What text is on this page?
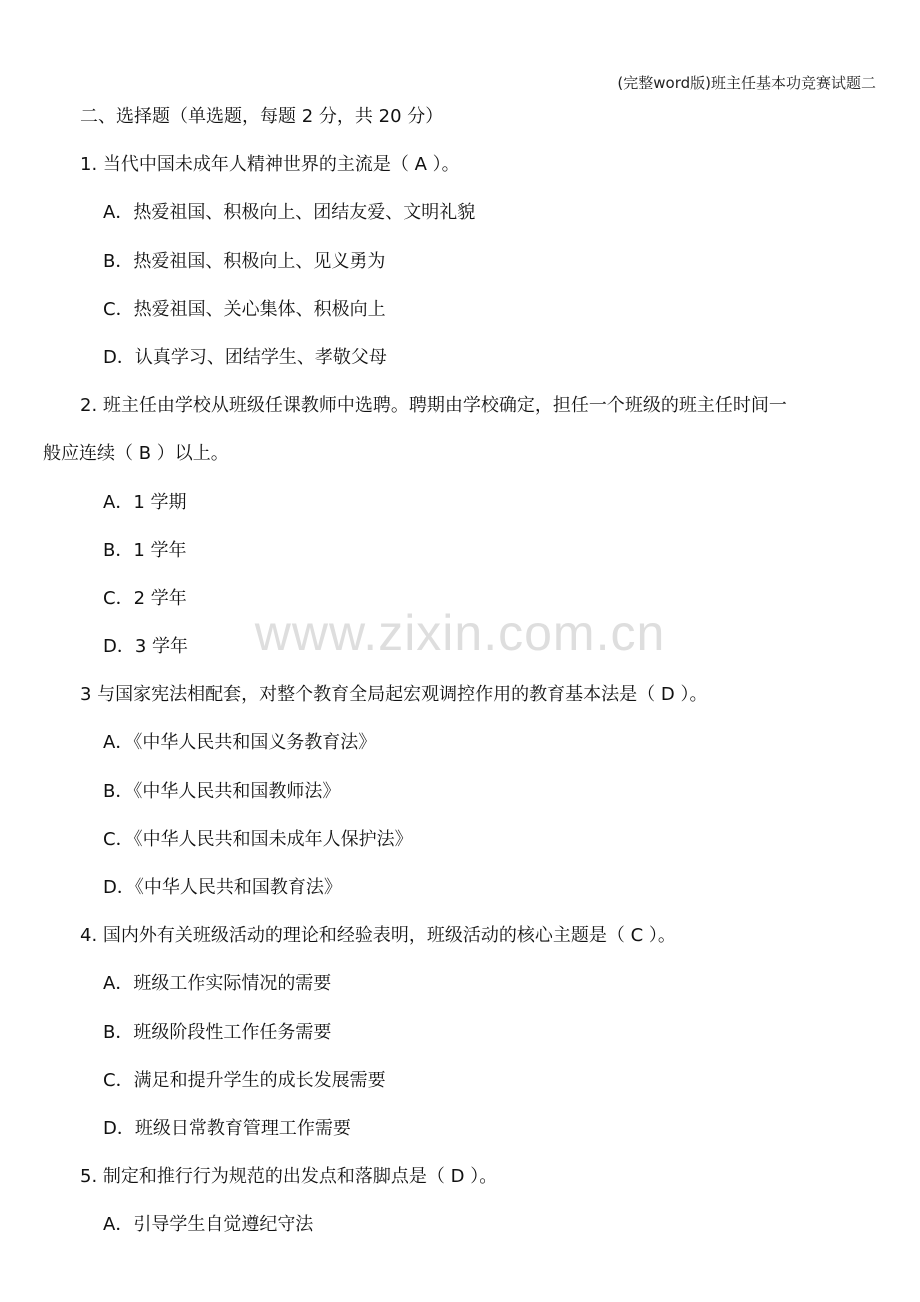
(完整word版)班主任基本功竞赛试题二
www.zixin.com.cn
二、选择题（单选题，每题 2 分，共 20 分）
1. 当代中国未成年人精神世界的主流是（ A ）。
A．热爱祖国、积极向上、团结友爱、文明礼貌
B．热爱祖国、积极向上、见义勇为
C．热爱祖国、关心集体、积极向上
D．认真学习、团结学生、孝敬父母
2. 班主任由学校从班级任课教师中选聘。聘期由学校确定，担任一个班级的班主任时间一
般应连续（ B ）以上。
A．1 学期
B．1 学年
C．2 学年
D．3 学年
3 与国家宪法相配套，对整个教育全局起宏观调控作用的教育基本法是（ D ）。
A．《中华人民共和国义务教育法》
B．《中华人民共和国教师法》
C．《中华人民共和国未成年人保护法》
D．《中华人民共和国教育法》
4. 国内外有关班级活动的理论和经验表明，班级活动的核心主题是（ C ）。
A．班级工作实际情况的需要
B．班级阶段性工作任务需要
C．满足和提升学生的成长发展需要
D．班级日常教育管理工作需要
5. 制定和推行行为规范的出发点和落脚点是（ D ）。
A．引导学生自觉遵纪守法
